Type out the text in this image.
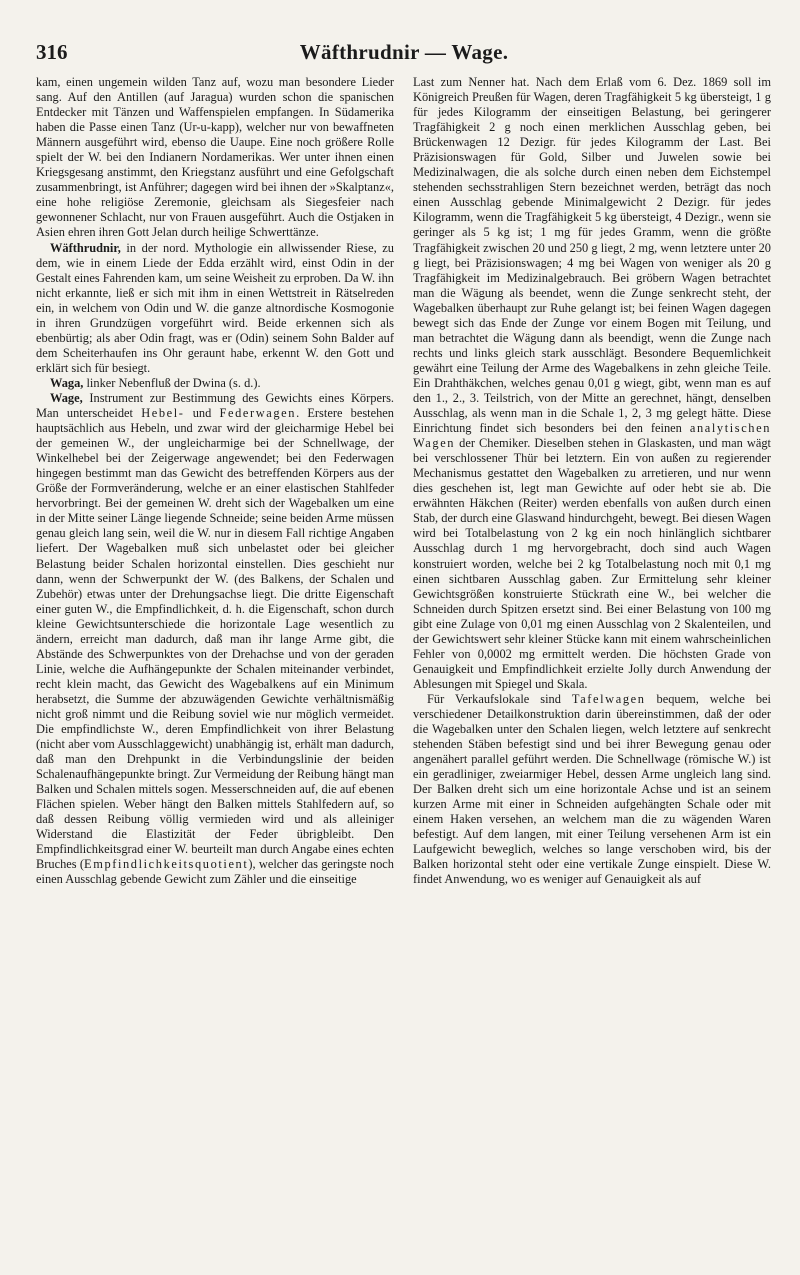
316	Wäfthrudnir — Wage.

kam, einen ungemein wilden Tanz auf, wozu man besondere Lieder sang. Auf den Antillen (auf Jaragua) wurden schon die spanischen Entdecker mit Tänzen und Waffenspielen empfangen. In Südamerika haben die Passe einen Tanz (Ur-u-kapp), welcher nur von bewaffneten Männern ausgeführt wird, ebenso die Uaupe. Eine noch größere Rolle spielt der W. bei den Indianern Nordamerikas. Wer unter ihnen einen Kriegsgesang anstimmt, den Kriegstanz ausführt und eine Gefolgschaft zusammenbringt, ist Anführer; dagegen wird bei ihnen der »Skalptanz«, eine hohe religiöse Zeremonie, gleichsam als Siegesfeier nach gewonnener Schlacht, nur von Frauen ausgeführt. Auch die Ostjaken in Asien ehren ihren Gott Jelan durch heilige Schwerttänze.

Wäfthrudnir, in der nord. Mythologie ein allwissender Riese, zu dem, wie in einem Liede der Edda erzählt wird, einst Odin in der Gestalt eines Fahrenden kam, um seine Weisheit zu erproben. Da W. ihn nicht erkannte, ließ er sich mit ihm in einen Wettstreit in Rätselreden ein, in welchem von Odin und W. die ganze altnordische Kosmogonie in ihren Grundzügen vorgeführt wird. Beide erkennen sich als ebenbürtig; als aber Odin fragt, was er (Odin) seinem Sohn Balder auf dem Scheiterhaufen ins Ohr geraunt habe, erkennt W. den Gott und erklärt sich für besiegt.

Waga, linker Nebenfluß der Dwina (s. d.).

Wage, Instrument zur Bestimmung des Gewichts eines Körpers. Man unterscheidet Hebel- und Federwagen. Erstere bestehen hauptsächlich aus Hebeln, und zwar wird der gleicharmige Hebel bei der gemeinen W., der ungleicharmige bei der Schnellwage, der Winkelhebel bei der Zeigerwage angewendet; bei den Federwagen hingegen bestimmt man das Gewicht des betreffenden Körpers aus der Größe der Formveränderung, welche er an einer elastischen Stahlfeder hervorbringt. Bei der gemeinen W. dreht sich der Wagebalken um eine in der Mitte seiner Länge liegende Schneide; seine beiden Arme müssen genau gleich lang sein, weil die W. nur in diesem Fall richtige Angaben liefert. Der Wagebalken muß sich unbelastet oder bei gleicher Belastung beider Schalen horizontal einstellen. Dies geschieht nur dann, wenn der Schwerpunkt der W. (des Balkens, der Schalen und Zubehör) etwas unter der Drehungsachse liegt. Die dritte Eigenschaft einer guten W., die Empfindlichkeit, d. h. die Eigenschaft, schon durch kleine Gewichtsunterschiede die horizontale Lage wesentlich zu ändern, erreicht man dadurch, daß man ihr lange Arme gibt, die Abstände des Schwerpunktes von der Drehachse und von der geraden Linie, welche die Aufhängepunkte der Schalen miteinander verbindet, recht klein macht, das Gewicht des Wagebalkens auf ein Minimum herabsetzt, die Summe der abzuwägenden Gewichte verhältnismäßig nicht groß nimmt und die Reibung soviel wie nur möglich vermeidet. Die empfindlichste W., deren Empfindlichkeit von ihrer Belastung (nicht aber vom Ausschlaggewicht) unabhängig ist, erhält man dadurch, daß man den Drehpunkt in die Verbindungslinie der beiden Schalenaufhängepunkte bringt. Zur Vermeidung der Reibung hängt man Balken und Schalen mittels sogen. Messerschneiden auf, die auf ebenen Flächen spielen. Weber hängt den Balken mittels Stahlfedern auf, so daß dessen Reibung völlig vermieden wird und als alleiniger Widerstand die Elastizität der Feder übrigbleibt. Den Empfindlichkeitsgrad einer W. beurteilt man durch Angabe eines echten Bruches (Empfindlichkeitsquotient), welcher das geringste noch einen Ausschlag gebende Gewicht zum Zähler und die einseitige

Last zum Nenner hat. Nach dem Erlaß vom 6. Dez. 1869 soll im Königreich Preußen für Wagen, deren Tragfähigkeit 5 kg übersteigt, 1 g für jedes Kilogramm der einseitigen Belastung, bei geringerer Tragfähigkeit 2 g noch einen merklichen Ausschlag geben, bei Brückenwagen 12 Dezigr. für jedes Kilogramm der Last. Bei Präzisionswagen für Gold, Silber und Juwelen sowie bei Medizinalwagen, die als solche durch einen neben dem Eichstempel stehenden sechsstrahligen Stern bezeichnet werden, beträgt das noch einen Ausschlag gebende Minimalgewicht 2 Dezigr. für jedes Kilogramm, wenn die Tragfähigkeit 5 kg übersteigt, 4 Dezigr., wenn sie geringer als 5 kg ist; 1 mg für jedes Gramm, wenn die größte Tragfähigkeit zwischen 20 und 250 g liegt, 2 mg, wenn letztere unter 20 g liegt, bei Präzisionswagen; 4 mg bei Wagen von weniger als 20 g Tragfähigkeit im Medizinalgebrauch. Bei gröbern Wagen betrachtet man die Wägung als beendet, wenn die Zunge senkrecht steht, der Wagebalken überhaupt zur Ruhe gelangt ist; bei feinen Wagen dagegen bewegt sich das Ende der Zunge vor einem Bogen mit Teilung, und man betrachtet die Wägung dann als beendigt, wenn die Zunge nach rechts und links gleich stark ausschlägt. Besondere Bequemlichkeit gewährt eine Teilung der Arme des Wagebalkens in zehn gleiche Teile. Ein Drahthäkchen, welches genau 0,01 g wiegt, gibt, wenn man es auf den 1., 2., 3. Teilstrich, von der Mitte an gerechnet, hängt, denselben Ausschlag, als wenn man in die Schale 1, 2, 3 mg gelegt hätte. Diese Einrichtung findet sich besonders bei den feinen analytischen Wagen der Chemiker. Dieselben stehen in Glaskasten, und man wägt bei verschlossener Thür bei letztern. Ein von außen zu regierender Mechanismus gestattet den Wagebalken zu arretieren, und nur wenn dies geschehen ist, legt man Gewichte auf oder hebt sie ab. Die erwähnten Häkchen (Reiter) werden ebenfalls von außen durch einen Stab, der durch eine Glaswand hindurchgeht, bewegt. Bei diesen Wagen wird bei Totalbelastung von 2 kg ein noch hinlänglich sichtbarer Ausschlag durch 1 mg hervorgebracht, doch sind auch Wagen konstruiert worden, welche bei 2 kg Totalbelastung noch mit 0,1 mg einen sichtbaren Ausschlag gaben. Zur Ermittelung sehr kleiner Gewichtsgrößen konstruierte Stückrath eine W., bei welcher die Schneiden durch Spitzen ersetzt sind. Bei einer Belastung von 100 mg gibt eine Zulage von 0,01 mg einen Ausschlag von 2 Skalenteilen, und der Gewichtswert sehr kleiner Stücke kann mit einem wahrscheinlichen Fehler von 0,0002 mg ermittelt werden. Die höchsten Grade von Genauigkeit und Empfindlichkeit erzielte Jolly durch Anwendung der Ablesungen mit Spiegel und Skala.

Für Verkaufslokale sind Tafelwagen bequem, welche bei verschiedener Detailkonstruktion darin übereinstimmen, daß der oder die Wagebalken unter den Schalen liegen, welch letztere auf senkrecht stehenden Stäben befestigt sind und bei ihrer Bewegung genau oder angenähert parallel geführt werden. Die Schnellwage (römische W.) ist ein geradliniger, zweiarmiger Hebel, dessen Arme ungleich lang sind. Der Balken dreht sich um eine horizontale Achse und ist an seinem kurzen Arme mit einer in Schneiden aufgehängten Schale oder mit einem Haken versehen, an welchem man die zu wägenden Waren befestigt. Auf dem langen, mit einer Teilung versehenen Arm ist ein Laufgewicht beweglich, welches so lange verschoben wird, bis der Balken horizontal steht oder eine vertikale Zunge einspielt. Diese W. findet Anwendung, wo es weniger auf Genauigkeit als auf
